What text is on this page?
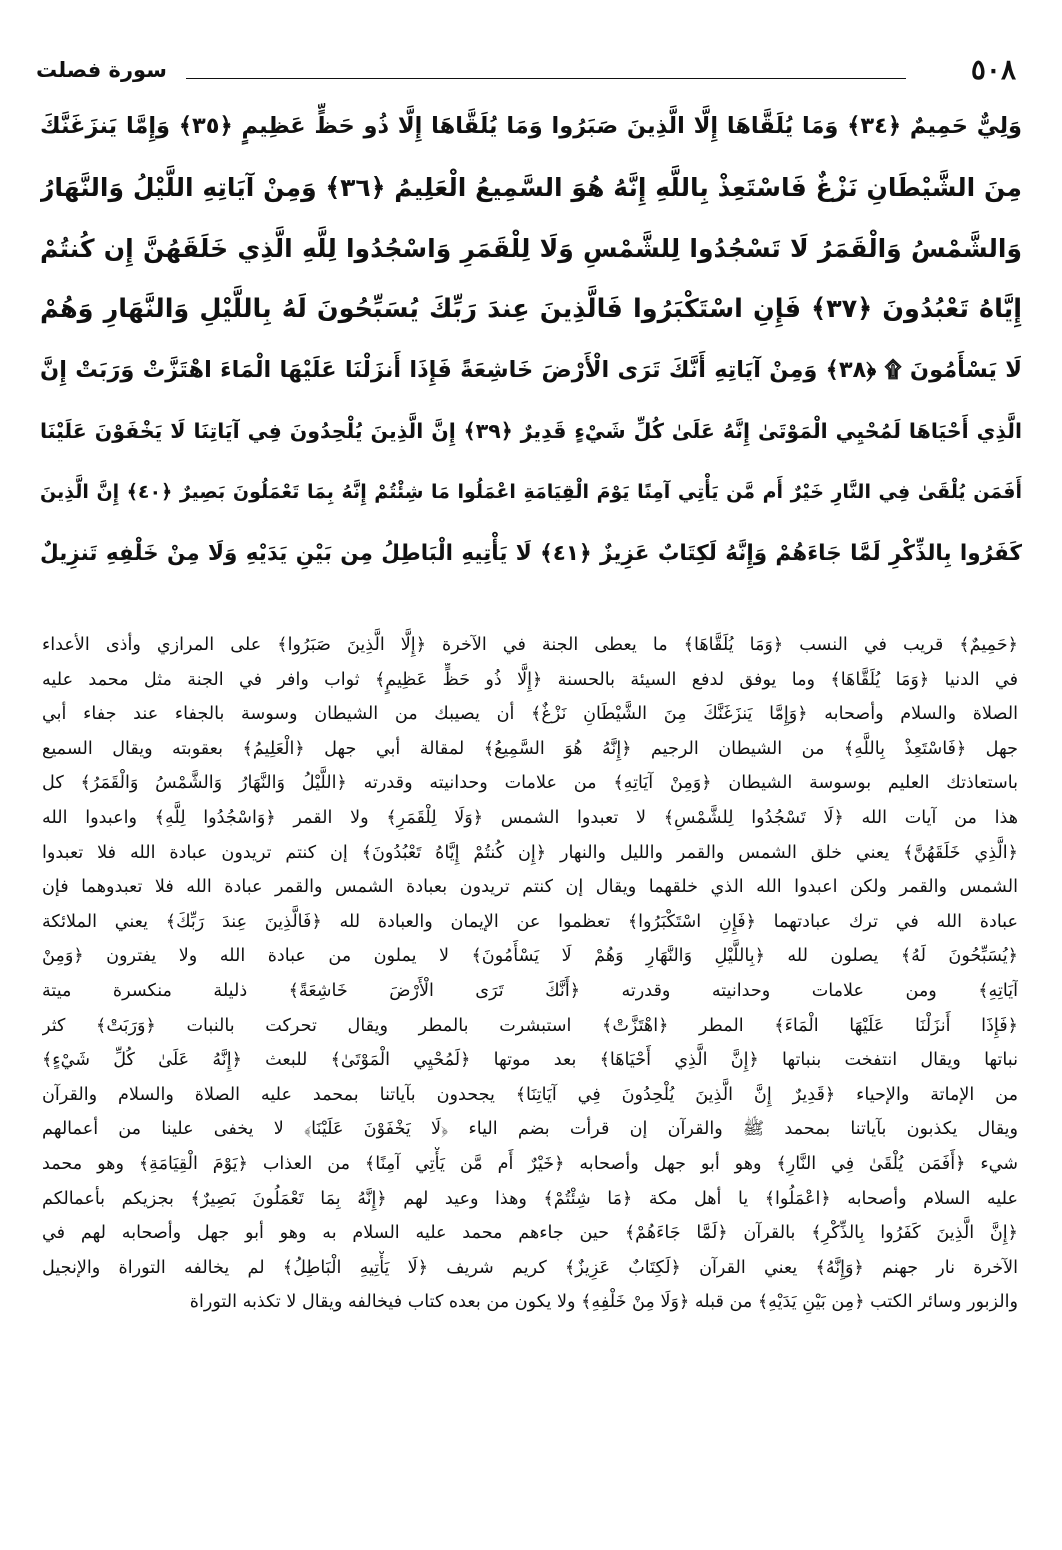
٥٠٨
سورة فصلت
وَلِيٌّ حَمِيمٌ ﴿٣٤﴾ وَمَا يُلَقَّاهَا إِلَّا الَّذِينَ صَبَرُوا وَمَا يُلَقَّاهَا إِلَّا ذُو حَظٍّ عَظِيمٍ ﴿٣٥﴾ وَإِمَّا يَنزَغَنَّكَ
مِنَ الشَّيْطَانِ نَزْغٌ فَاسْتَعِذْ بِاللَّهِ إِنَّهُ هُوَ السَّمِيعُ الْعَلِيمُ ﴿٣٦﴾ وَمِنْ آيَاتِهِ اللَّيْلُ وَالنَّهَارُ
وَالشَّمْسُ وَالْقَمَرُ لَا تَسْجُدُوا لِلشَّمْسِ وَلَا لِلْقَمَرِ وَاسْجُدُوا لِلَّهِ الَّذِي خَلَقَهُنَّ إِن كُنتُمْ
إِيَّاهُ تَعْبُدُونَ ﴿٣٧﴾ فَإِنِ اسْتَكْبَرُوا فَالَّذِينَ عِندَ رَبِّكَ يُسَبِّحُونَ لَهُ بِاللَّيْلِ وَالنَّهَارِ وَهُمْ
لَا يَسْأَمُونَ ۩ ﴿٣٨﴾ وَمِنْ آيَاتِهِ أَنَّكَ تَرَى الْأَرْضَ خَاشِعَةً فَإِذَا أَنزَلْنَا عَلَيْهَا الْمَاءَ اهْتَزَّتْ وَرَبَتْ إِنَّ
الَّذِي أَحْيَاهَا لَمُحْيِي الْمَوْتَىٰ إِنَّهُ عَلَىٰ كُلِّ شَيْءٍ قَدِيرٌ ﴿٣٩﴾ إِنَّ الَّذِينَ يُلْحِدُونَ فِي آيَاتِنَا لَا يَخْفَوْنَ عَلَيْنَا
أَفَمَن يُلْقَىٰ فِي النَّارِ خَيْرٌ أَم مَّن يَأْتِي آمِنًا يَوْمَ الْقِيَامَةِ اعْمَلُوا مَا شِئْتُمْ إِنَّهُ بِمَا تَعْمَلُونَ بَصِيرٌ ﴿٤٠﴾ إِنَّ الَّذِينَ
كَفَرُوا بِالذِّكْرِ لَمَّا جَاءَهُمْ وَإِنَّهُ لَكِتَابٌ عَزِيزٌ ﴿٤١﴾ لَا يَأْتِيهِ الْبَاطِلُ مِن بَيْنِ يَدَيْهِ وَلَا مِنْ خَلْفِهِ تَنزِيلٌ
﴿حَمِيمٌ﴾ قريب في النسب ﴿وَمَا يُلَقَّاهَا﴾ ما يعطى الجنة في الآخرة ﴿إِلَّا الَّذِينَ صَبَرُوا﴾ على المرازي وأذى الأعداء
في الدنيا ﴿وَمَا يُلَقَّاهَا﴾ وما يوفق لدفع السيئة بالحسنة ﴿إِلَّا ذُو حَظٍّ عَظِيمٍ﴾ ثواب وافر في الجنة مثل محمد عليه
الصلاة والسلام وأصحابه ﴿وَإِمَّا يَنزَغَنَّكَ مِنَ الشَّيْطَانِ نَزْغٌ﴾ أن يصيبك من الشيطان وسوسة بالجفاء عند جفاء أبي
جهل ﴿فَاسْتَعِذْ بِاللَّهِ﴾ من الشيطان الرجيم ﴿إِنَّهُ هُوَ السَّمِيعُ﴾ لمقالة أبي جهل ﴿الْعَلِيمُ﴾ بعقوبته ويقال السميع
باستعاذتك العليم بوسوسة الشيطان ﴿وَمِنْ آيَاتِهِ﴾ من علامات وحدانيته وقدرته ﴿اللَّيْلُ وَالنَّهَارُ وَالشَّمْسُ وَالْقَمَرُ﴾ كل
هذا من آيات الله ﴿لَا تَسْجُدُوا لِلشَّمْسِ﴾ لا تعبدوا الشمس ﴿وَلَا لِلْقَمَرِ﴾ ولا القمر ﴿وَاسْجُدُوا لِلَّهِ﴾ واعبدوا الله
﴿الَّذِي خَلَقَهُنَّ﴾ يعني خلق الشمس والقمر والليل والنهار ﴿إِن كُنتُمْ إِيَّاهُ تَعْبُدُونَ﴾ إن كنتم تريدون عبادة الله فلا تعبدوا
الشمس والقمر ولكن اعبدوا الله الذي خلقهما ويقال إن كنتم تريدون بعبادة الشمس والقمر عبادة الله فلا تعبدوهما فإن
عبادة الله في ترك عبادتهما ﴿فَإِنِ اسْتَكْبَرُوا﴾ تعظموا عن الإيمان والعبادة لله ﴿فَالَّذِينَ عِندَ رَبِّكَ﴾ يعني الملائكة
﴿يُسَبِّحُونَ لَهُ﴾ يصلون لله ﴿بِاللَّيْلِ وَالنَّهَارِ وَهُمْ لَا يَسْأَمُونَ﴾ لا يملون من عبادة الله ولا يفترون ﴿وَمِنْ
آيَاتِهِ﴾ ومن علامات وحدانيته وقدرته ﴿أَنَّكَ تَرَى الْأَرْضَ خَاشِعَةً﴾ ذليلة منكسرة ميتة
﴿فَإِذَا أَنزَلْنَا عَلَيْهَا الْمَاءَ﴾ المطر ﴿اهْتَزَّتْ﴾ استبشرت بالمطر ويقال تحركت بالنبات ﴿وَرَبَتْ﴾ كثر
نباتها ويقال انتفخت بنباتها ﴿إِنَّ الَّذِي أَحْيَاهَا﴾ بعد موتها ﴿لَمُحْيِي الْمَوْتَىٰ﴾ للبعث ﴿إِنَّهُ عَلَىٰ كُلِّ شَيْءٍ﴾
من الإماتة والإحياء ﴿قَدِيرٌ إِنَّ الَّذِينَ يُلْحِدُونَ فِي آيَاتِنَا﴾ يجحدون بآياتنا بمحمد عليه الصلاة والسلام والقرآن
ويقال يكذبون بآياتنا بمحمد ﷺ والقرآن إن قرأت بضم الياء ﴿لَا يَخْفَوْنَ عَلَيْنَا﴾ لا يخفى علينا من أعمالهم
شيء ﴿أَفَمَن يُلْقَىٰ فِي النَّارِ﴾ وهو أبو جهل وأصحابه ﴿خَيْرٌ أَم مَّن يَأْتِي آمِنًا﴾ من العذاب ﴿يَوْمَ الْقِيَامَةِ﴾ وهو محمد
عليه السلام وأصحابه ﴿اعْمَلُوا﴾ يا أهل مكة ﴿مَا شِئْتُمْ﴾ وهذا وعيد لهم ﴿إِنَّهُ بِمَا تَعْمَلُونَ بَصِيرٌ﴾ بجزيكم بأعمالكم
﴿إِنَّ الَّذِينَ كَفَرُوا بِالذِّكْرِ﴾ بالقرآن ﴿لَمَّا جَاءَهُمْ﴾ حين جاءهم محمد عليه السلام به وهو أبو جهل وأصحابه لهم في
الآخرة نار جهنم ﴿وَإِنَّهُ﴾ يعني القرآن ﴿لَكِتَابٌ عَزِيزٌ﴾ كريم شريف ﴿لَا يَأْتِيهِ الْبَاطِلُ﴾ لم يخالفه التوراة والإنجيل
والزبور وسائر الكتب ﴿مِن بَيْنِ يَدَيْهِ﴾ من قبله ﴿وَلَا مِنْ خَلْفِهِ﴾ ولا يكون من بعده كتاب فيخالفه ويقال لا تكذبه التوراة
